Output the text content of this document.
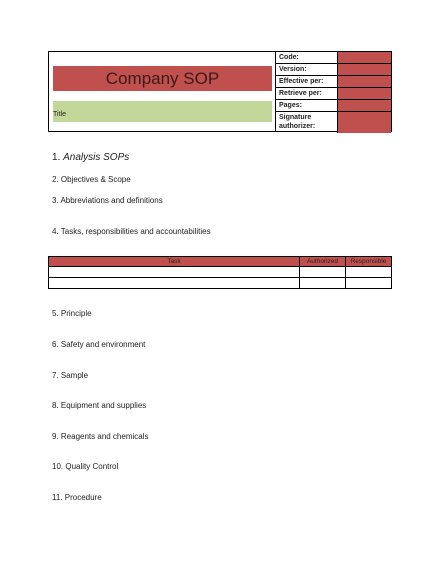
Company SOP
Title
Code:
Version:
Effective per:
Retrieve per:
Pages:
Signature authorizer:
1. Analysis SOPs
2. Objectives & Scope
3. Abbreviations and definitions
4. Tasks, responsibilities and accountabilities
Task	Authorized	Responsible

5. Principle
6. Safety and environment
7. Sample
8. Equipment and supplies
9. Reagents and chemicals
10. Quality Control
11. Procedure
